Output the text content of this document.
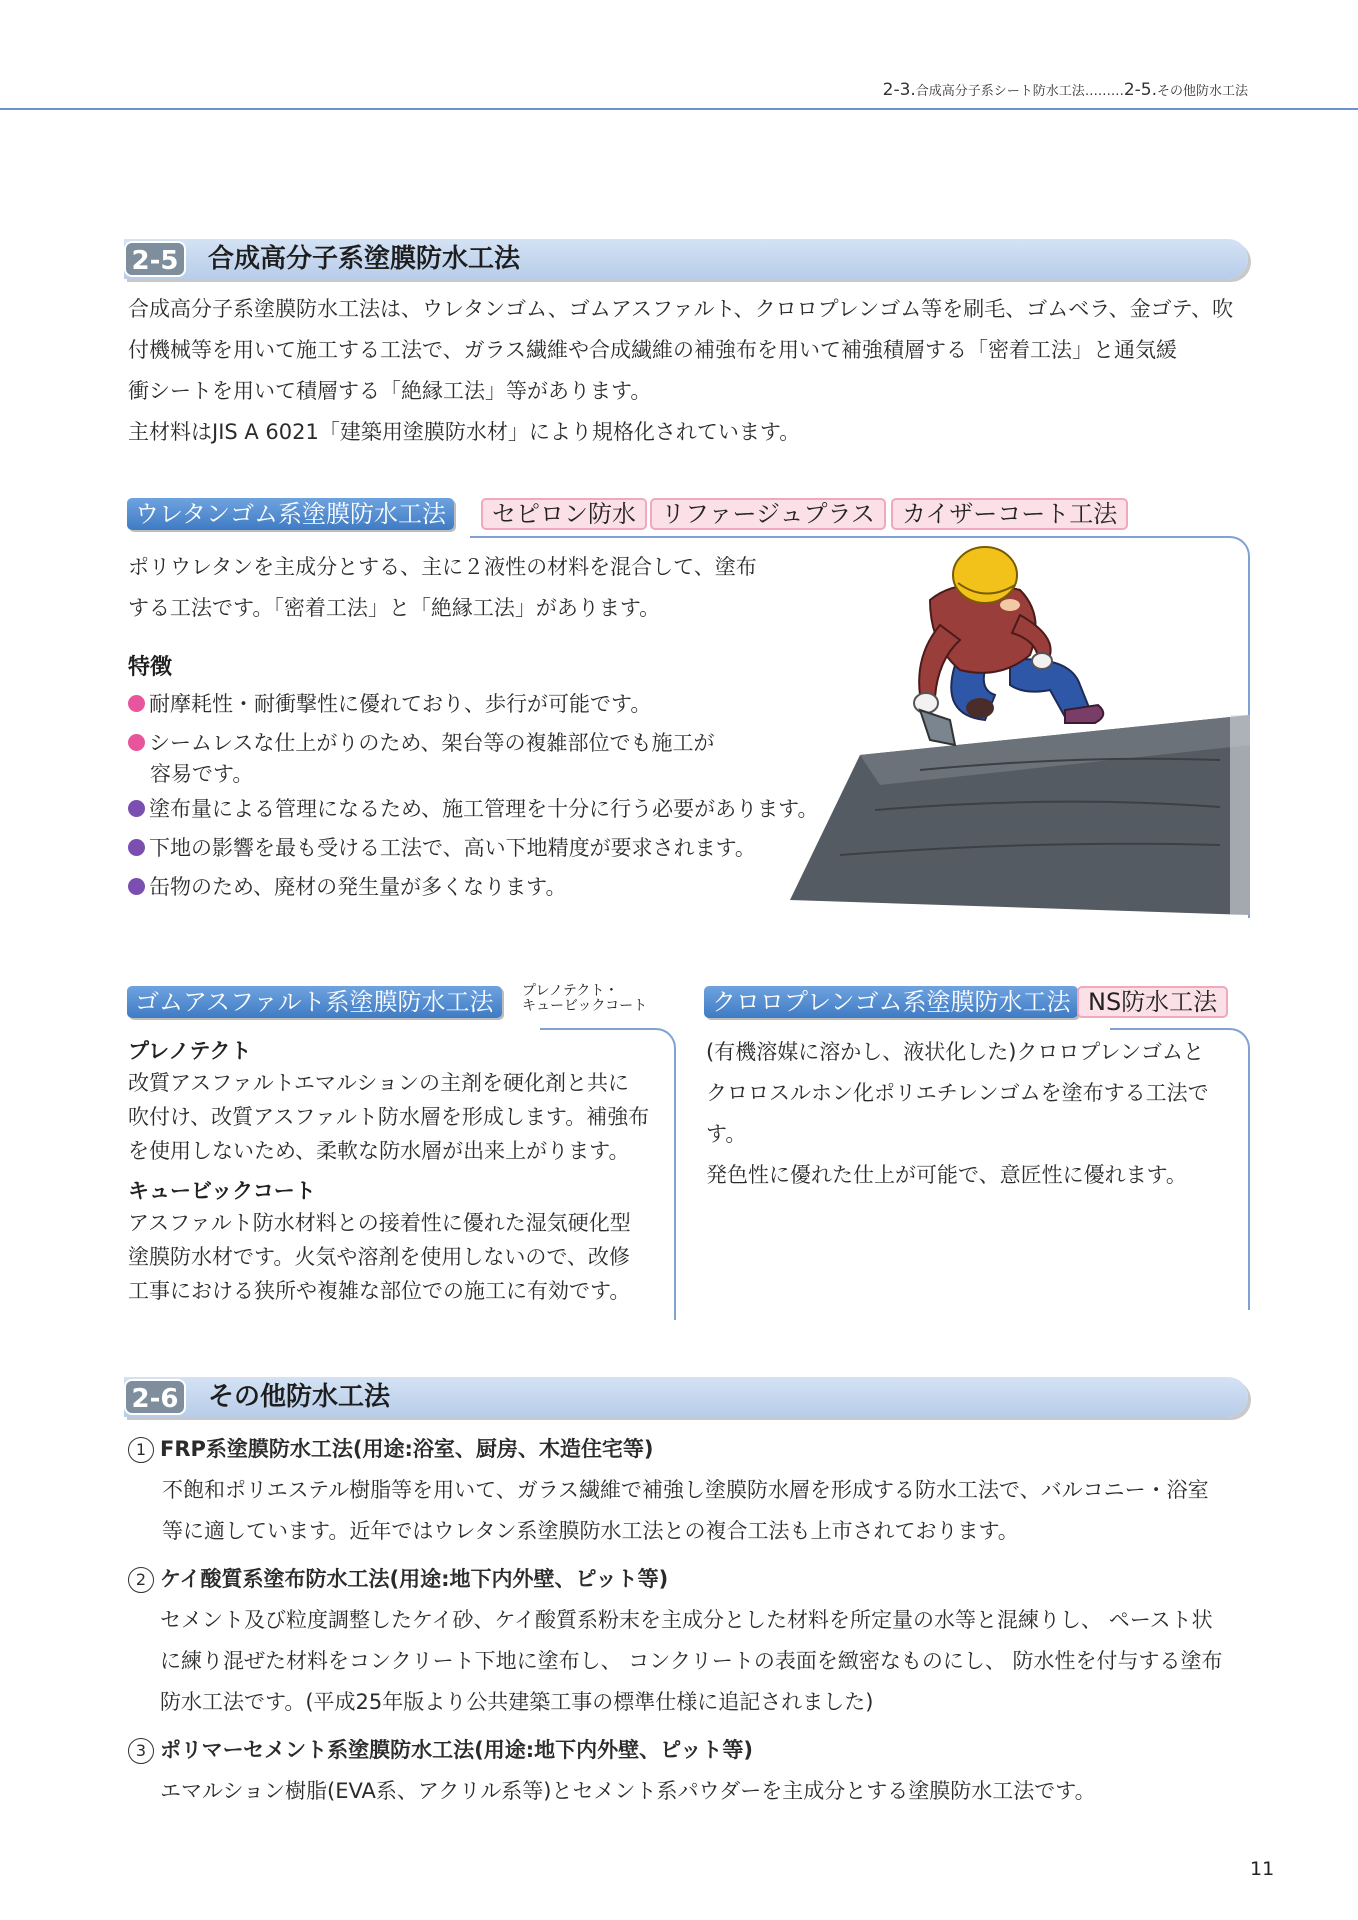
2-3.合成高分子系シート防水工法………2-5.その他防水工法
2-5 合成高分子系塗膜防水工法
合成高分子系塗膜防水工法は、ウレタンゴム、ゴムアスファルト、クロロプレンゴム等を刷毛、ゴムベラ、金ゴテ、吹
付機械等を用いて施工する工法で、ガラス繊維や合成繊維の補強布を用いて補強積層する「密着工法」と通気緩
衝シートを用いて積層する「絶縁工法」等があります。
主材料はJIS A 6021「建築用塗膜防水材」により規格化されています。
ウレタンゴム系塗膜防水工法	セピロン防水	リファージュプラス	カイザーコート工法
ポリウレタンを主成分とする、主に２液性の材料を混合して、塗布
する工法です。「密着工法」と「絶縁工法」があります。
特徴
耐摩耗性・耐衝撃性に優れており、歩行が可能です。
シームレスな仕上がりのため、架台等の複雑部位でも施工が
容易です。
塗布量による管理になるため、施工管理を十分に行う必要があります。
下地の影響を最も受ける工法で、高い下地精度が要求されます。
缶物のため、廃材の発生量が多くなります。
ゴムアスファルト系塗膜防水工法	プレノテクト・
キュービックコート
プレノテクト
改質アスファルトエマルションの主剤を硬化剤と共に
吹付け、改質アスファルト防水層を形成します。補強布
を使用しないため、柔軟な防水層が出来上がります。
キュービックコート
アスファルト防水材料との接着性に優れた湿気硬化型
塗膜防水材です。火気や溶剤を使用しないので、改修
工事における狭所や複雑な部位での施工に有効です。
クロロプレンゴム系塗膜防水工法 NS防水工法
(有機溶媒に溶かし、液状化した)クロロプレンゴムと
クロロスルホン化ポリエチレンゴムを塗布する工法で
す。
発色性に優れた仕上が可能で、意匠性に優れます。
2-6 その他防水工法
1 FRP系塗膜防水工法(用途:浴室、厨房、木造住宅等)
不飽和ポリエステル樹脂等を用いて、ガラス繊維で補強し塗膜防水層を形成する防水工法で、バルコニー・浴室
等に適しています。近年ではウレタン系塗膜防水工法との複合工法も上市されております。
2 ケイ酸質系塗布防水工法(用途:地下内外壁、ピット等)
セメント及び粒度調整したケイ砂、ケイ酸質系粉末を主成分とした材料を所定量の水等と混練りし、 ペースト状
に練り混ぜた材料をコンクリート下地に塗布し、 コンクリートの表面を緻密なものにし、 防水性を付与する塗布
防水工法です。(平成25年版より公共建築工事の標準仕様に追記されました)
3 ポリマーセメント系塗膜防水工法(用途:地下内外壁、ピット等)
エマルション樹脂(EVA系、アクリル系等)とセメント系パウダーを主成分とする塗膜防水工法です。
11
